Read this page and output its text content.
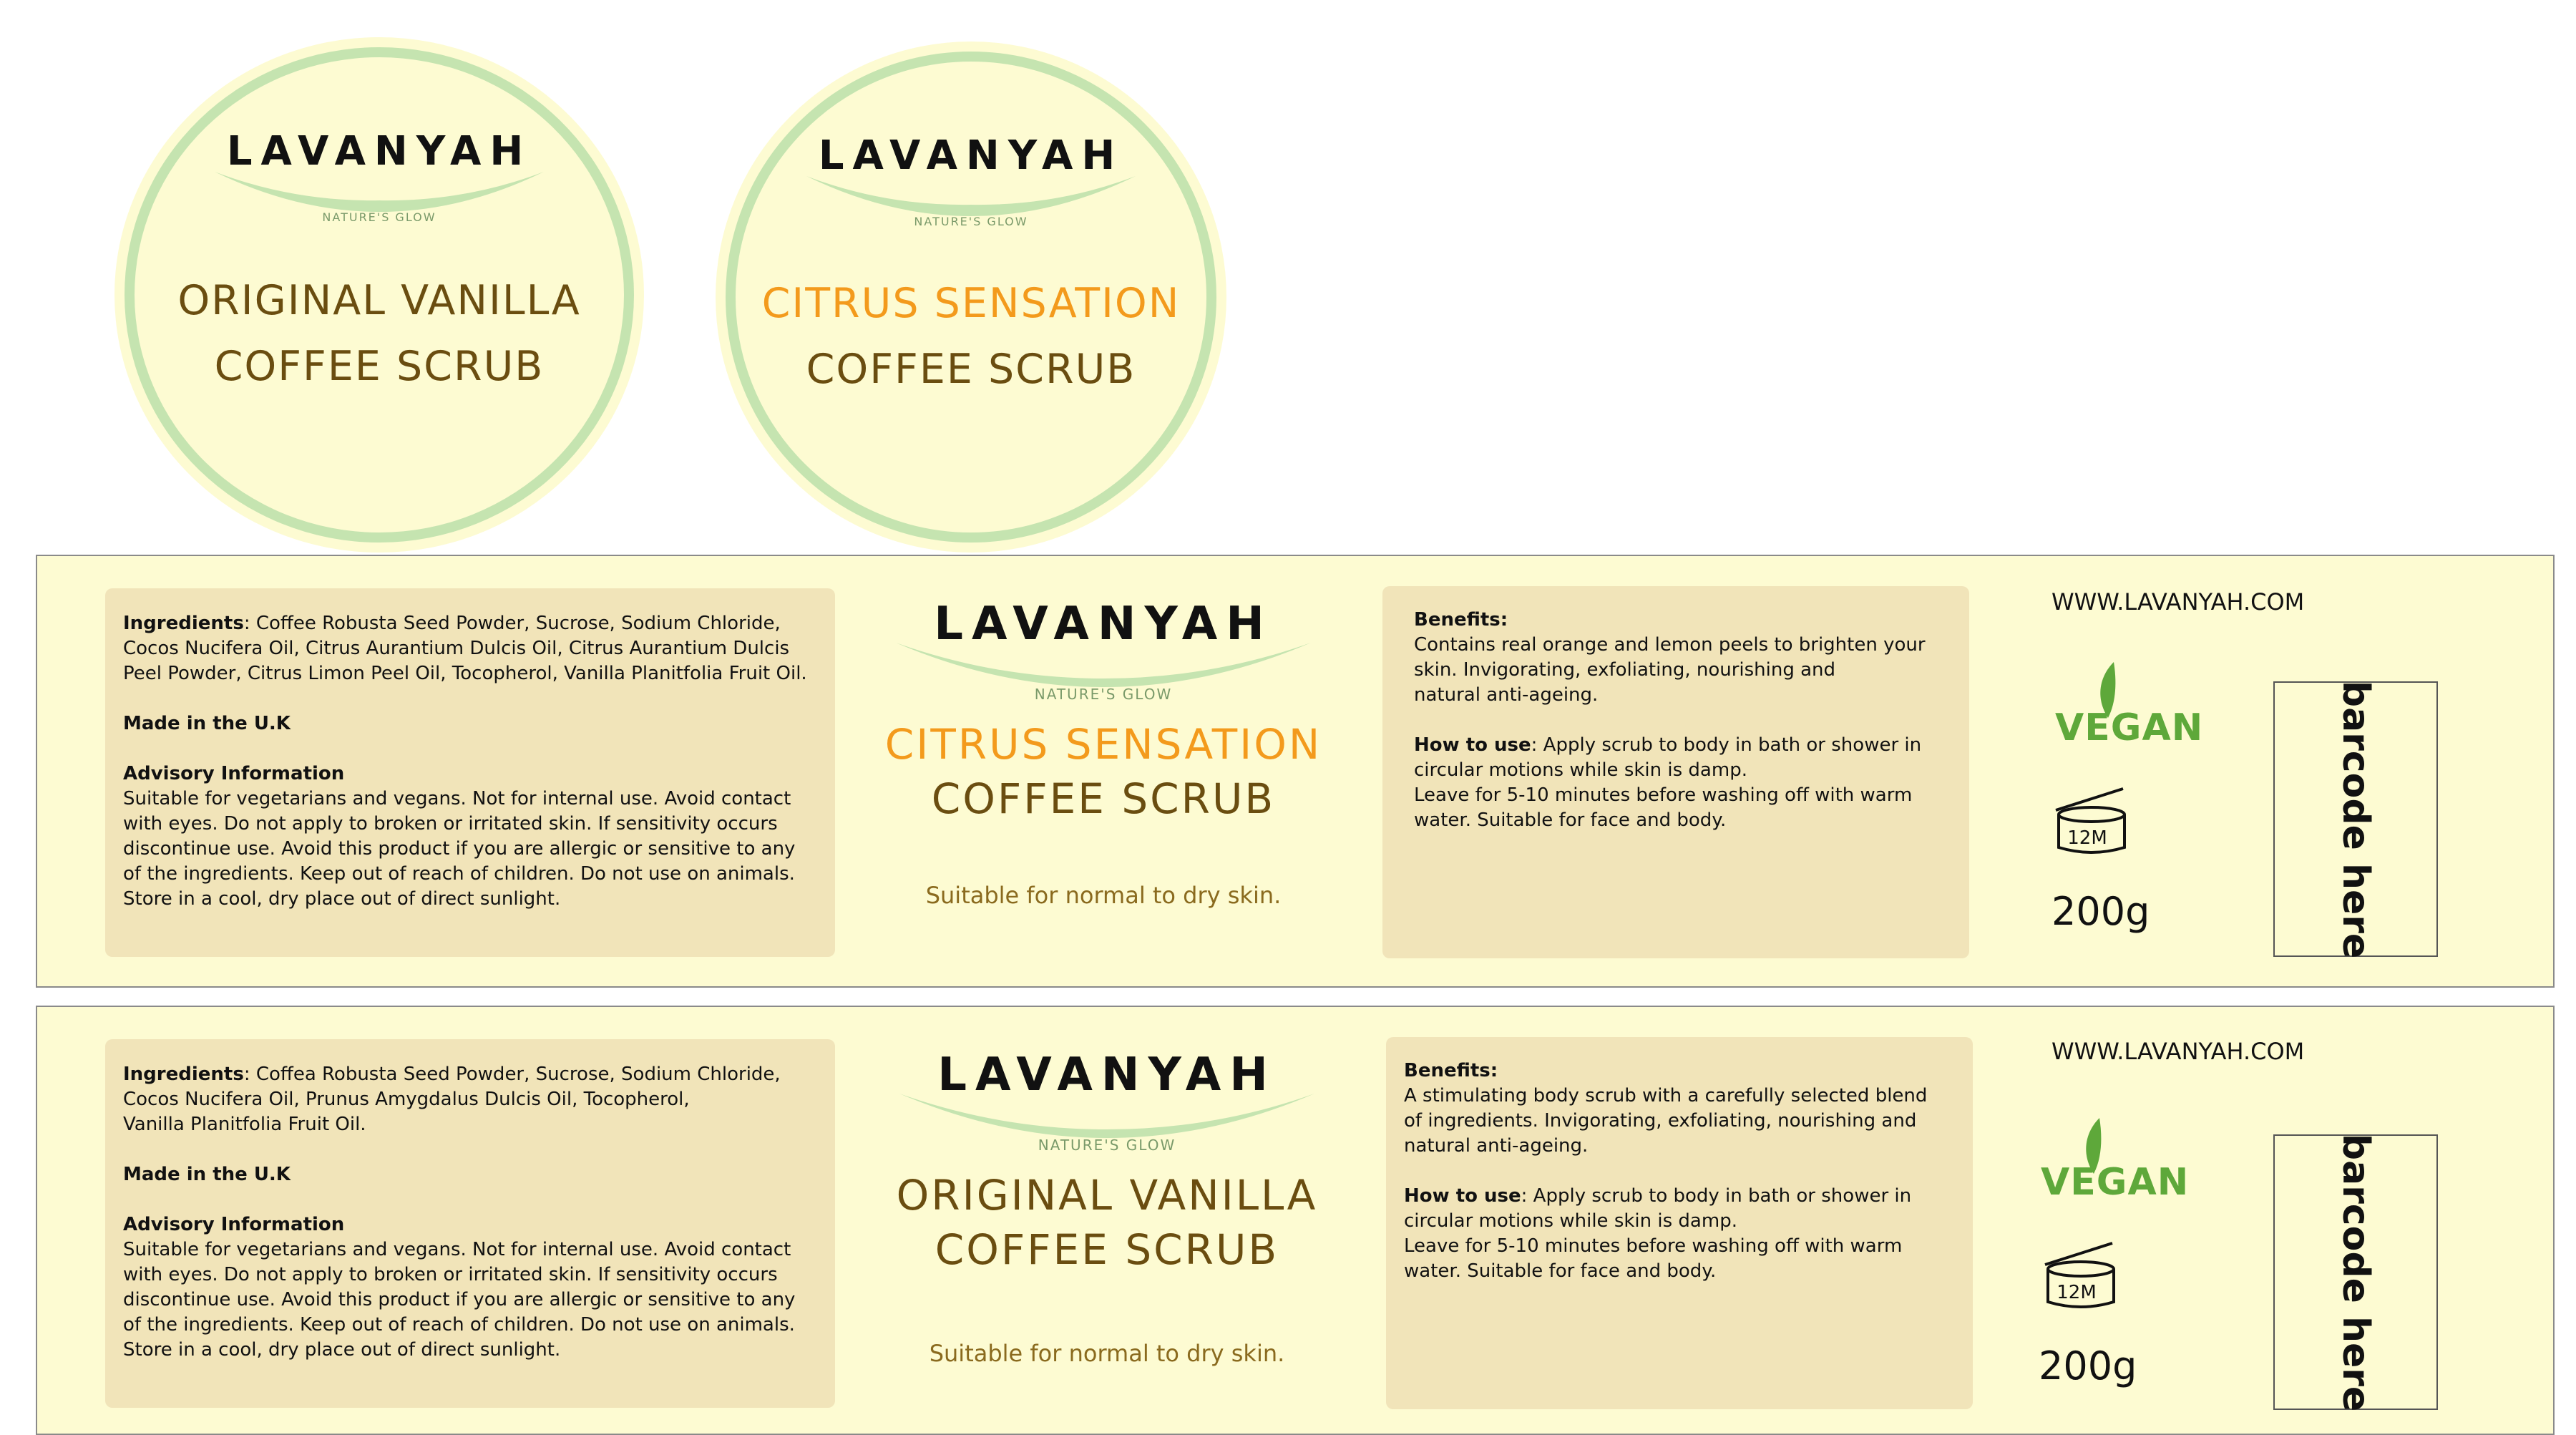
LAVANYAH
NATURE'S GLOW
ORIGINAL VANILLA
COFFEE SCRUB
LAVANYAH
NATURE'S GLOW
CITRUS SENSATION
COFFEE SCRUB

Ingredients: Coffee Robusta Seed Powder, Sucrose, Sodium Chloride,

Cocos Nucifera Oil, Citrus Aurantium Dulcis Oil, Citrus Aurantium Dulcis

Peel Powder, Citrus Limon Peel Oil, Tocopherol, Vanilla Planitfolia Fruit Oil.

Made in the U.K

Advisory Information

Suitable for vegetarians and vegans. Not for internal use. Avoid contact

with eyes. Do not apply to broken or irritated skin. If sensitivity occurs

discontinue use. Avoid this product if you are allergic or sensitive to any

of the ingredients. Keep out of reach of children. Do not use on animals.

Store in a cool, dry place out of direct sunlight.

LAVANYAH
NATURE'S GLOW
CITRUS SENSATION
COFFEE SCRUB
Suitable for normal to dry skin.

Benefits:

Contains real orange and lemon peels to brighten your

skin. Invigorating, exfoliating, nourishing and

natural anti-ageing.

How to use: Apply scrub to body in bath or shower in

circular motions while skin is damp.

Leave for 5-10 minutes before washing off with warm

water. Suitable for face and body.

WWW.LAVANYAH.COM
VEGAN
12M
200g	barcode here

Ingredients: Coffea Robusta Seed Powder, Sucrose, Sodium Chloride,

Cocos Nucifera Oil, Prunus Amygdalus Dulcis Oil, Tocopherol,

Vanilla Planitfolia Fruit Oil.

Made in the U.K

Advisory Information

Suitable for vegetarians and vegans. Not for internal use. Avoid contact

with eyes. Do not apply to broken or irritated skin. If sensitivity occurs

discontinue use. Avoid this product if you are allergic or sensitive to any

of the ingredients. Keep out of reach of children. Do not use on animals.

Store in a cool, dry place out of direct sunlight.

LAVANYAH
NATURE'S GLOW
ORIGINAL VANILLA
COFFEE SCRUB
Suitable for normal to dry skin.

Benefits:

A stimulating body scrub with a carefully selected blend

of ingredients. Invigorating, exfoliating, nourishing and

natural anti-ageing.

How to use: Apply scrub to body in bath or shower in

circular motions while skin is damp.

Leave for 5-10 minutes before washing off with warm

water. Suitable for face and body.

WWW.LAVANYAH.COM
VEGAN
12M
200g	barcode here
